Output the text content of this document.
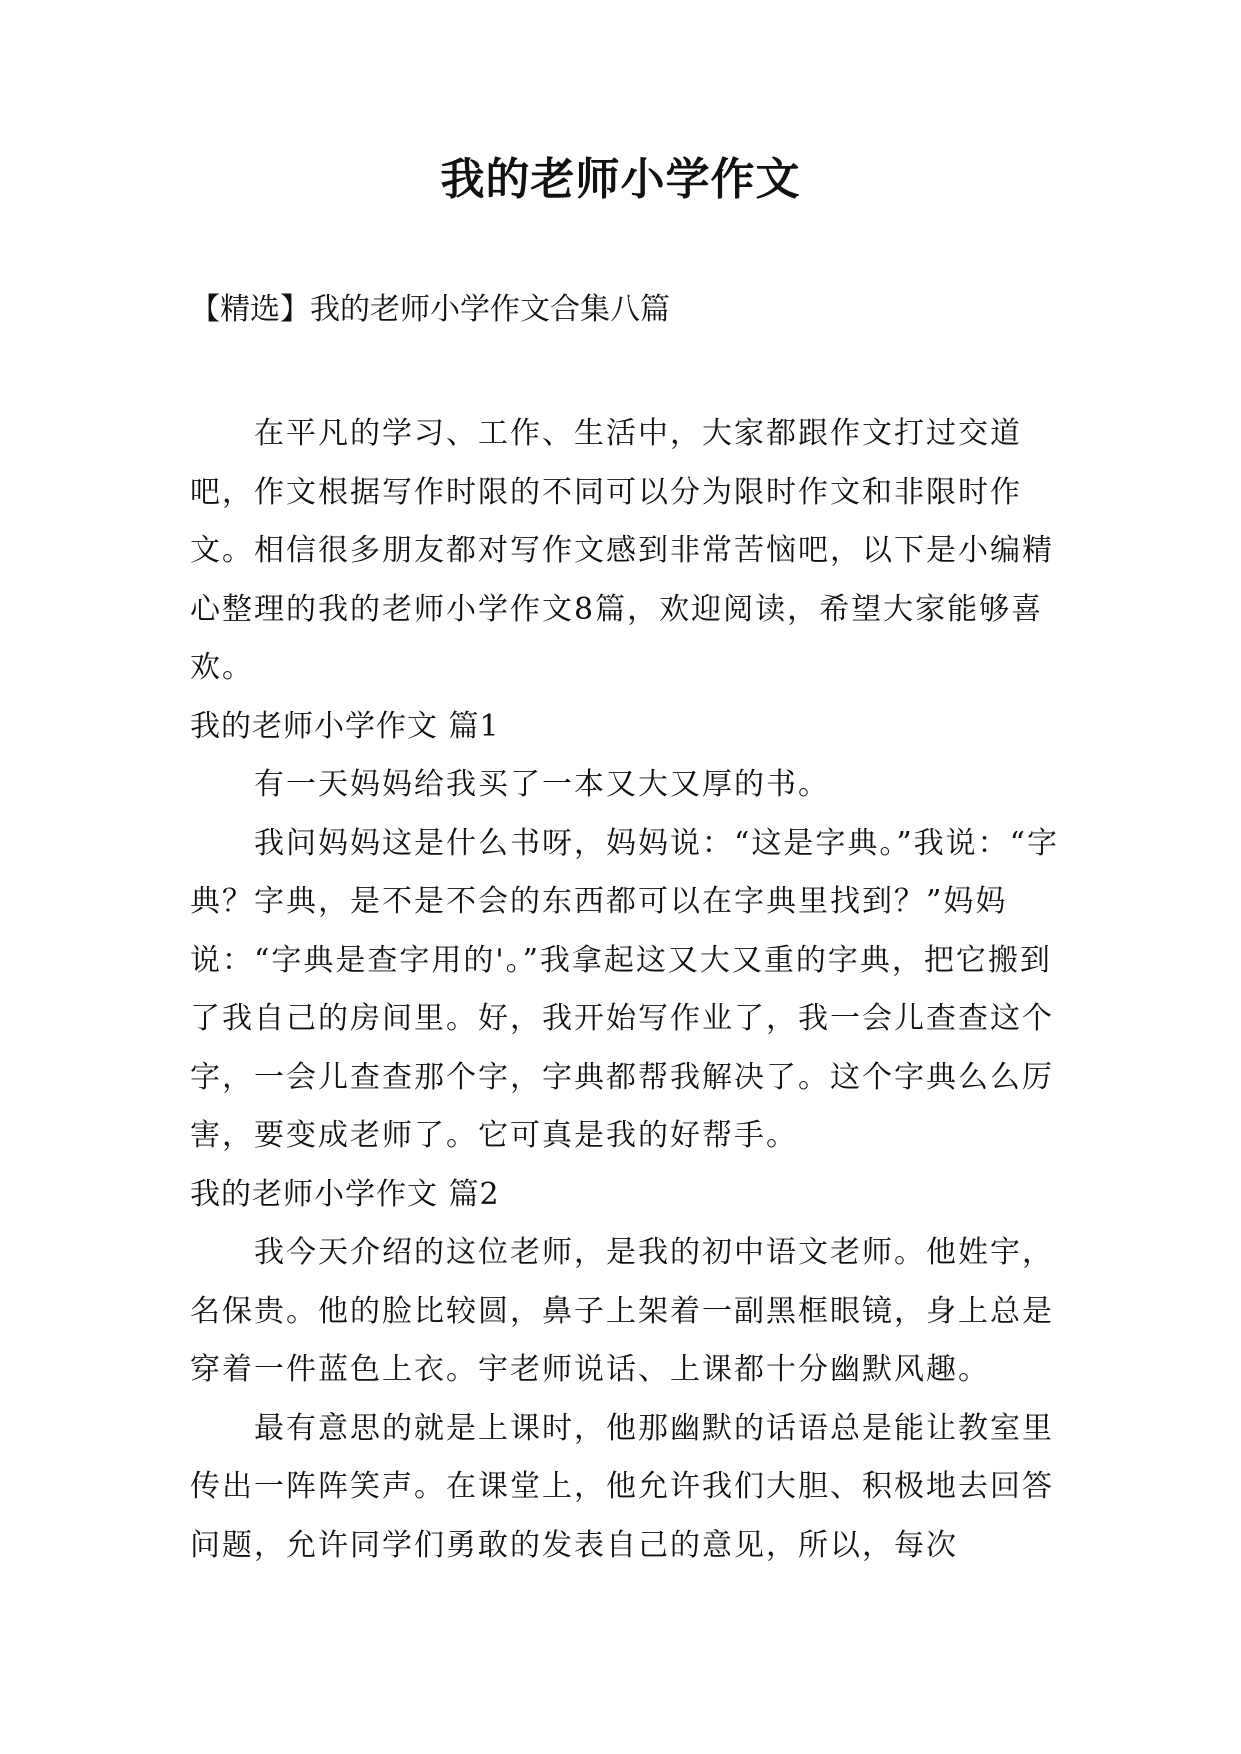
我的老师小学作文

【精选】我的老师小学作文合集八篇

在平凡的学习、工作、生活中，大家都跟作文打过交道吧，作文根据写作时限的不同可以分为限时作文和非限时作文。相信很多朋友都对写作文感到非常苦恼吧，以下是小编精心整理的我的老师小学作文8篇，欢迎阅读，希望大家能够喜欢。

我的老师小学作文 篇1

有一天妈妈给我买了一本又大又厚的书。

我问妈妈这是什么书呀，妈妈说：“这是字典。”我说：“字典？字典，是不是不会的东西都可以在字典里找到？”妈妈说：“字典是查字用的'。”我拿起这又大又重的字典，把它搬到了我自己的房间里。好，我开始写作业了，我一会儿查查这个字，一会儿查查那个字，字典都帮我解决了。这个字典么么厉害，要变成老师了。它可真是我的好帮手。

我的老师小学作文 篇2

我今天介绍的这位老师，是我的初中语文老师。他姓宇，名保贵。他的脸比较圆，鼻子上架着一副黑框眼镜，身上总是穿着一件蓝色上衣。宇老师说话、上课都十分幽默风趣。

最有意思的就是上课时，他那幽默的话语总是能让教室里传出一阵阵笑声。在课堂上，他允许我们大胆、积极地去回答问题，允许同学们勇敢的发表自己的意见，所以，每次
